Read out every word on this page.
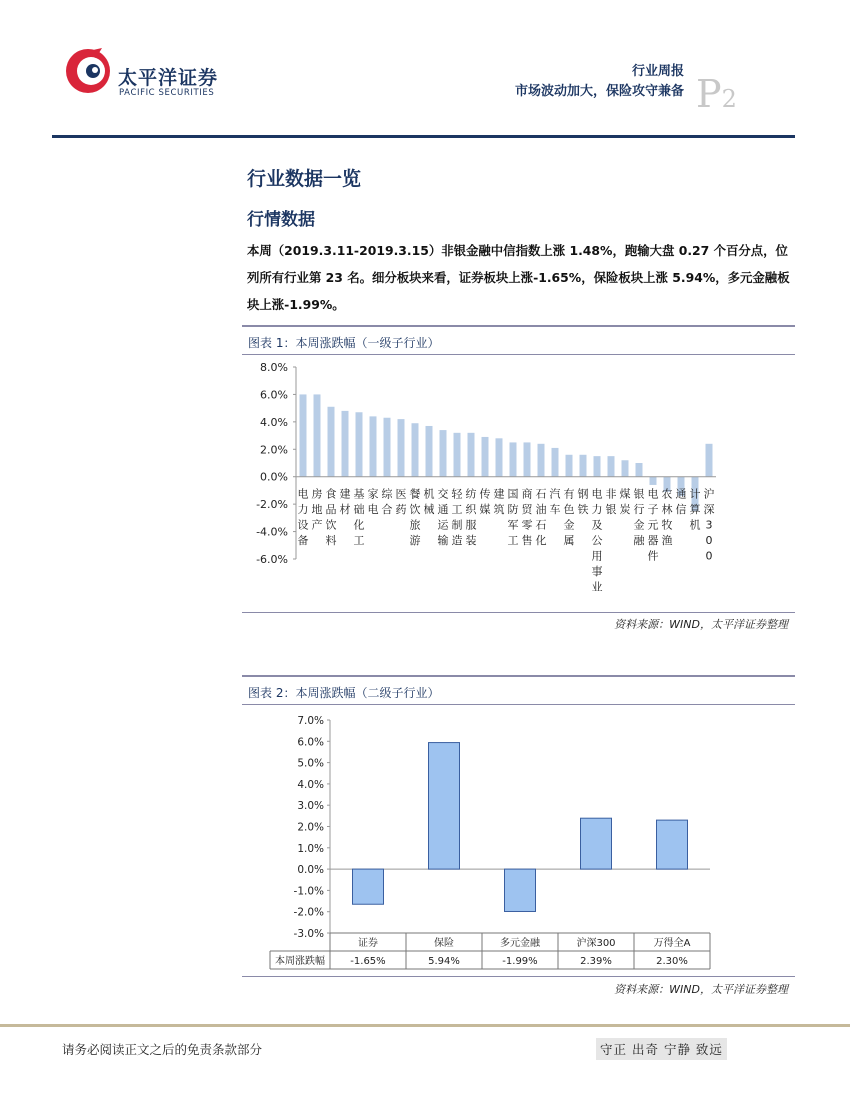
太平洋证券
PACIFIC SECURITIES
行业周报
市场波动加大，保险攻守兼备 P2
行业数据一览
行情数据
本周（2019.3.11-2019.3.15）非银金融中信指数上涨 1.48%，跑输大盘 0.27 个百分点，位列所有行业第 23 名。细分板块来看，证券板块上涨-1.65%，保险板块上涨 5.94%，多元金融板块上涨-1.99%。
图表 1：本周涨跌幅（一级子行业）
8.0%
6.0%
4.0%
2.0%
0.0%
-2.0%
-4.0%
-6.0%
电力设备
房地产
食品饮料
建材
基础化工
家电
综合
医药
餐饮旅游
机械
交通运输
轻工制造
纺织服装
传媒
建筑
国防军工
商贸零售
石油石化
汽车
有色金属
钢铁
电力及公用事业
非银
煤炭
银行金融
电子元器件
农林牧渔
通信
计算机
沪深 3 0 0
资料来源：WIND，太平洋证券整理
图表 2：本周涨跌幅（二级子行业）
7.0%
6.0%
5.0%
4.0%
3.0%
2.0%
1.0%
0.0%
-1.0%
-2.0%
-3.0%
本周涨跌幅
证券
-1.65%
保险
5.94%
多元金融
-1.99%
沪深300
2.39%
万得全A
2.30%
资料来源：WIND，太平洋证券整理
请务必阅读正文之后的免责条款部分	守正 出奇 宁静 致远
